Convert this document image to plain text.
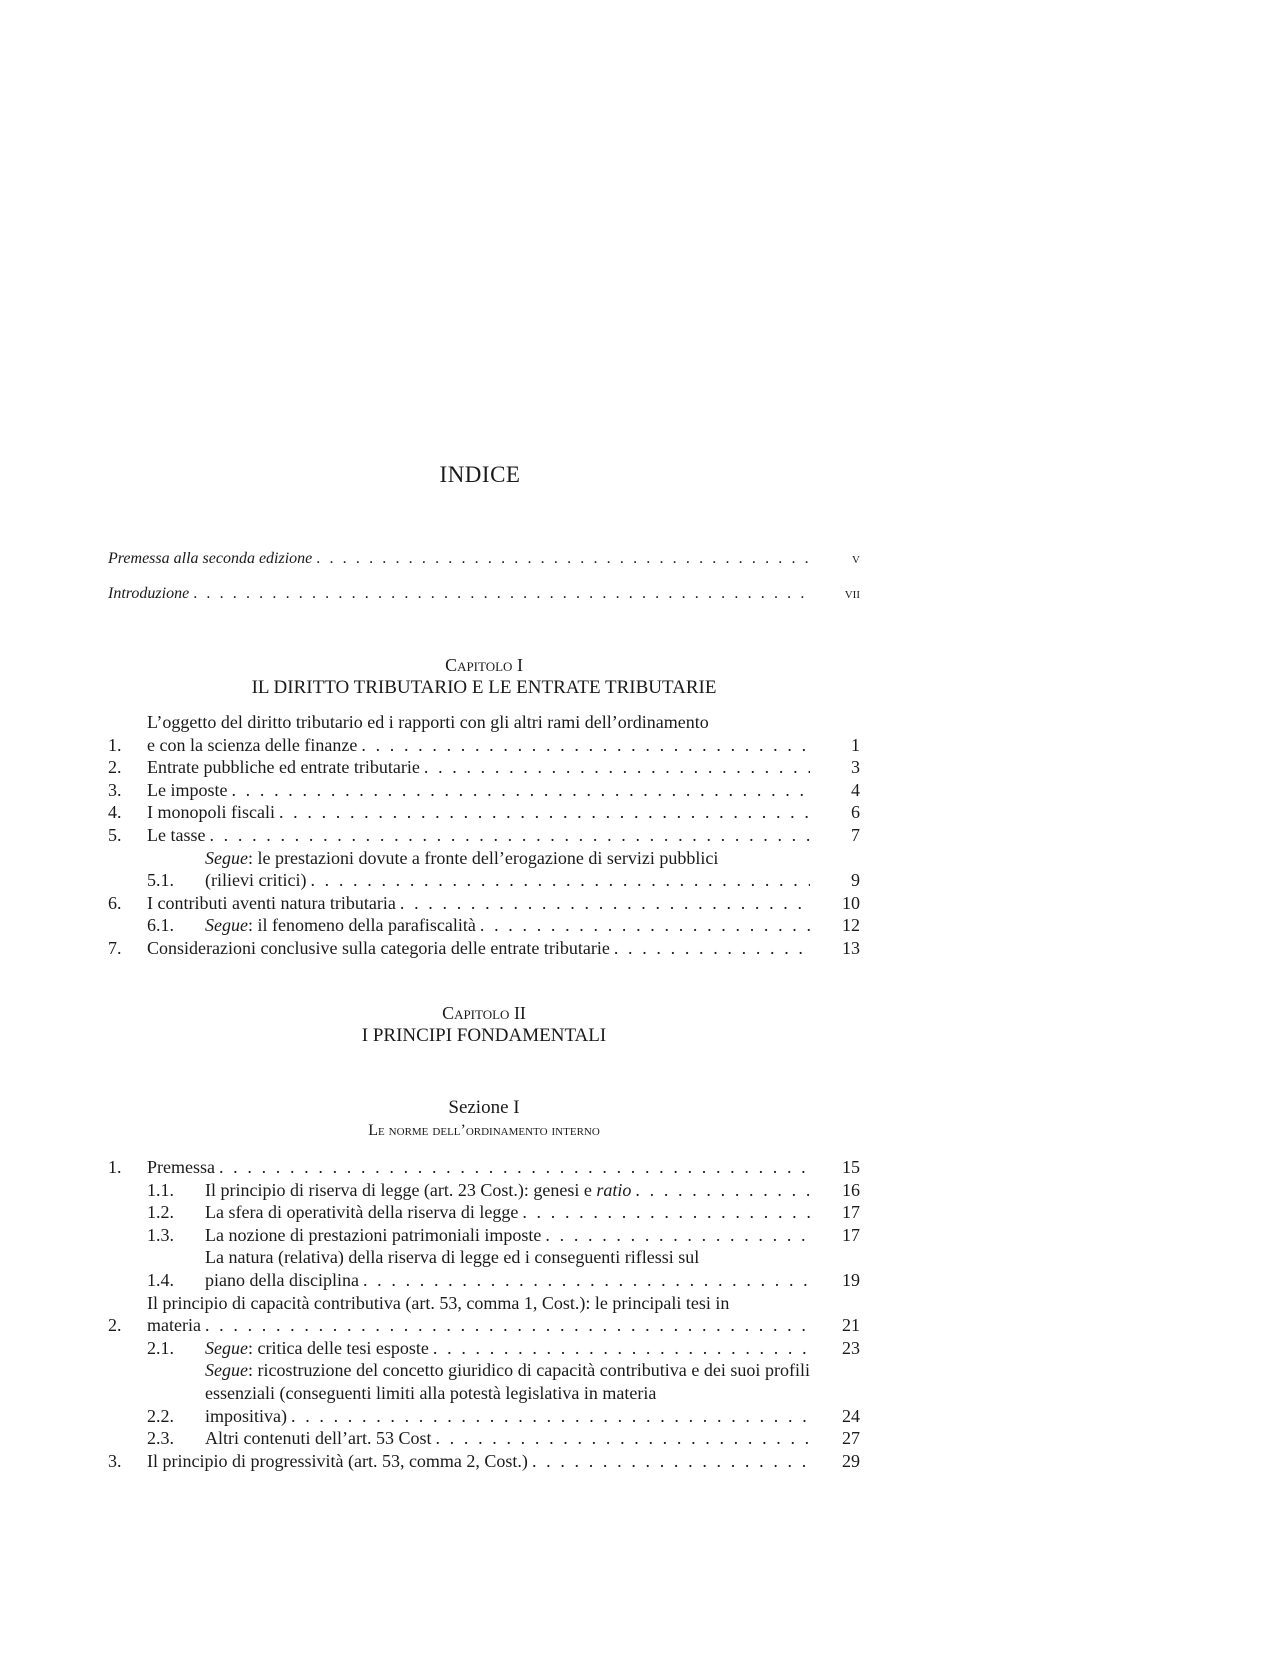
INDICE
Premessa alla seconda edizione . . .	v
Introduzione . . .	vii
Capitolo I
IL DIRITTO TRIBUTARIO E LE ENTRATE TRIBUTARIE
1.
L’oggetto del diritto tributario ed i rapporti con gli altri rami dell’ordinamento
e con la scienza delle finanze . . .	1
2.	Entrate pubbliche ed entrate tributarie . . .	3
3.	Le imposte . . .	4
4.	I monopoli fiscali . . .	6
5.	Le tasse . . .	7
5.1.
Segue: le prestazioni dovute a fronte dell’erogazione di servizi pubblici
(rilievi critici) . . .	9
6.	I contributi aventi natura tributaria . . .	10
6.1.	Segue: il fenomeno della parafiscalità . . .	12
7.	Considerazioni conclusive sulla categoria delle entrate tributarie . . .	13
Capitolo II
I PRINCIPI FONDAMENTALI
Sezione I
Le norme dell’ordinamento interno
1.	Premessa . . .	15
1.1.	Il principio di riserva di legge (art. 23 Cost.): genesi e ratio . . .	16
1.2.	La sfera di operatività della riserva di legge . . .	17
1.3.	La nozione di prestazioni patrimoniali imposte . . .	17
1.4.
La natura (relativa) della riserva di legge ed i conseguenti riflessi sul
piano della disciplina . . .	19
2.
Il principio di capacità contributiva (art. 53, comma 1, Cost.): le principali tesi in
materia . . .	21
2.1.	Segue: critica delle tesi esposte . . .	23
2.2.
Segue: ricostruzione del concetto giuridico di capacità contributiva e dei suoi profili essenziali (conseguenti limiti alla potestà legislativa in materia
impositiva) . . .	24
2.3.	Altri contenuti dell’art. 53 Cost . . .	27
3.	Il principio di progressività (art. 53, comma 2, Cost.) . . .	29
